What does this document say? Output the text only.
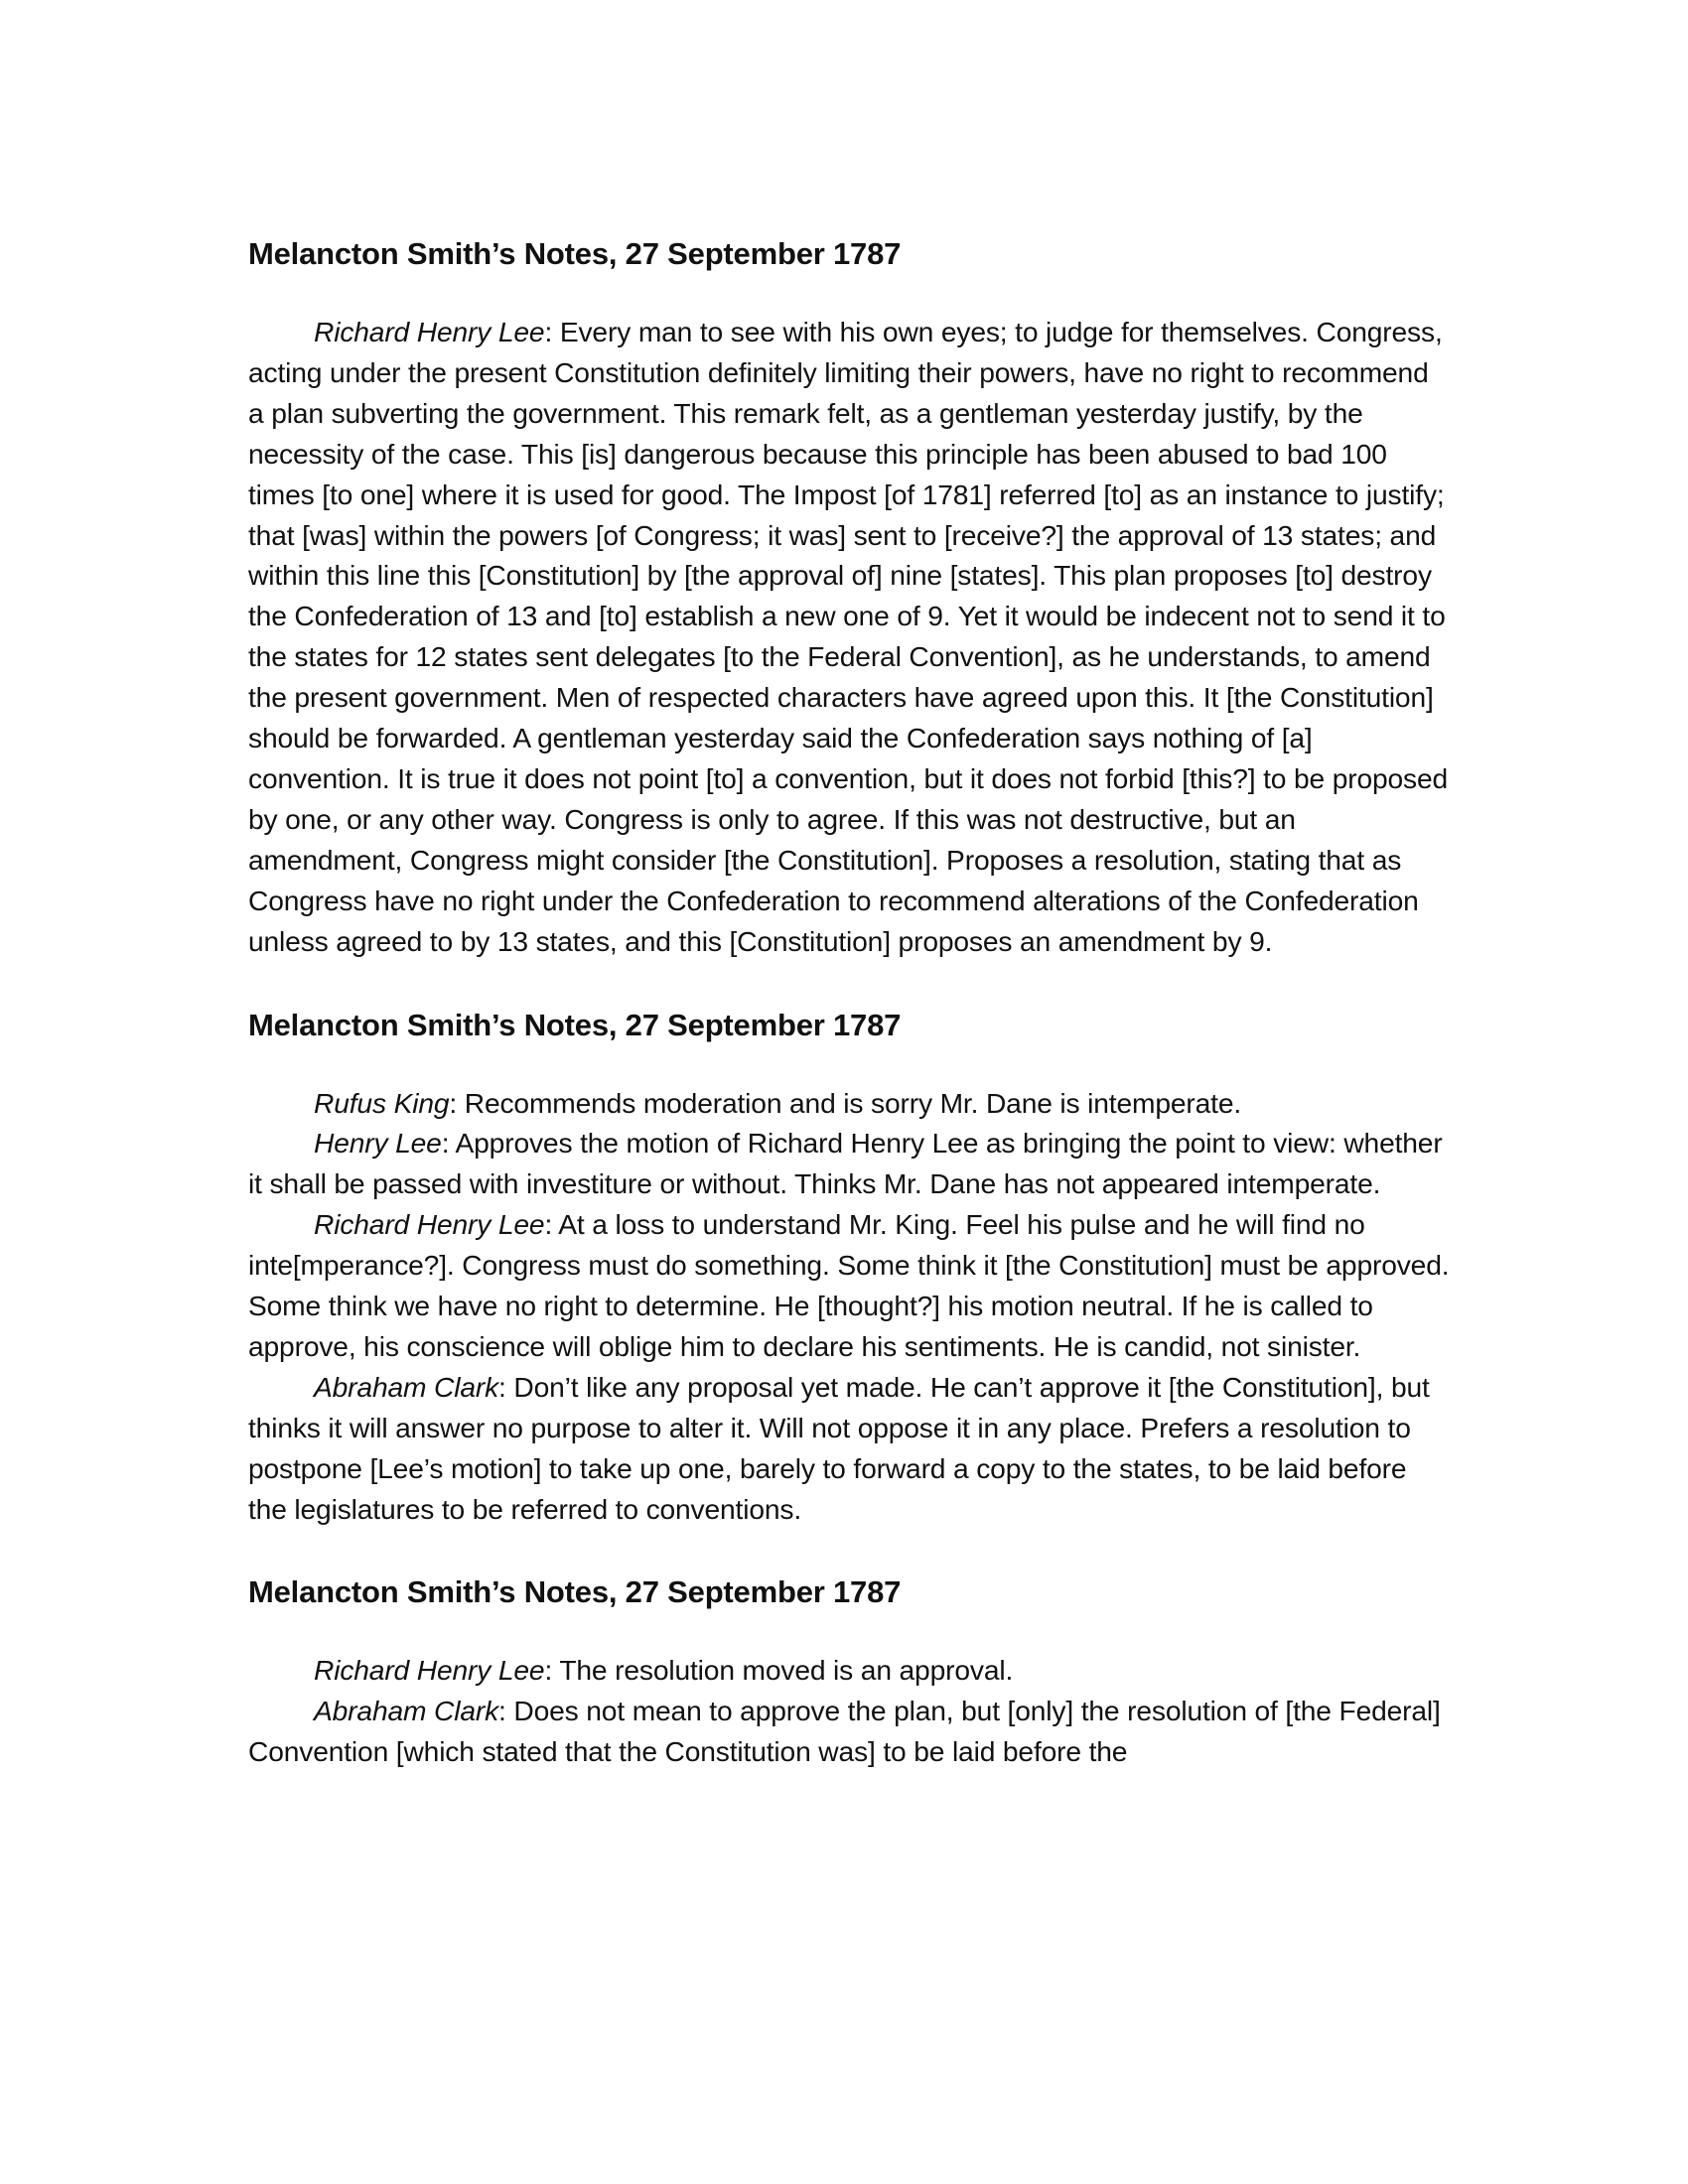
Melancton Smith’s Notes, 27 September 1787

Richard Henry Lee: Every man to see with his own eyes; to judge for themselves. Congress, acting under the present Constitution definitely limiting their powers, have no right to recommend a plan subverting the government. This remark felt, as a gentleman yesterday justify, by the necessity of the case. This [is] dangerous because this principle has been abused to bad 100 times [to one] where it is used for good. The Impost [of 1781] referred [to] as an instance to justify; that [was] within the powers [of Congress; it was] sent to [receive?] the approval of 13 states; and within this line this [Constitution] by [the approval of] nine [states]. This plan proposes [to] destroy the Confederation of 13 and [to] establish a new one of 9. Yet it would be indecent not to send it to the states for 12 states sent delegates [to the Federal Convention], as he understands, to amend the present government. Men of respected characters have agreed upon this. It [the Constitution] should be forwarded. A gentleman yesterday said the Confederation says nothing of [a] convention. It is true it does not point [to] a convention, but it does not forbid [this?] to be proposed by one, or any other way. Congress is only to agree. If this was not destructive, but an amendment, Congress might consider [the Constitution]. Proposes a resolution, stating that as Congress have no right under the Confederation to recommend alterations of the Confederation unless agreed to by 13 states, and this [Constitution] proposes an amendment by 9.

Melancton Smith’s Notes, 27 September 1787

Rufus King: Recommends moderation and is sorry Mr. Dane is intemperate.

Henry Lee: Approves the motion of Richard Henry Lee as bringing the point to view: whether it shall be passed with investiture or without. Thinks Mr. Dane has not appeared intemperate.

Richard Henry Lee: At a loss to understand Mr. King. Feel his pulse and he will find no inte[mperance?]. Congress must do something. Some think it [the Constitution] must be approved. Some think we have no right to determine. He [thought?] his motion neutral. If he is called to approve, his conscience will oblige him to declare his sentiments. He is candid, not sinister.

Abraham Clark: Don’t like any proposal yet made. He can’t approve it [the Constitution], but thinks it will answer no purpose to alter it. Will not oppose it in any place. Prefers a resolution to postpone [Lee’s motion] to take up one, barely to forward a copy to the states, to be laid before the legislatures to be referred to conventions.

Melancton Smith’s Notes, 27 September 1787

Richard Henry Lee: The resolution moved is an approval.

Abraham Clark: Does not mean to approve the plan, but [only] the resolution of [the Federal] Convention [which stated that the Constitution was] to be laid before the
